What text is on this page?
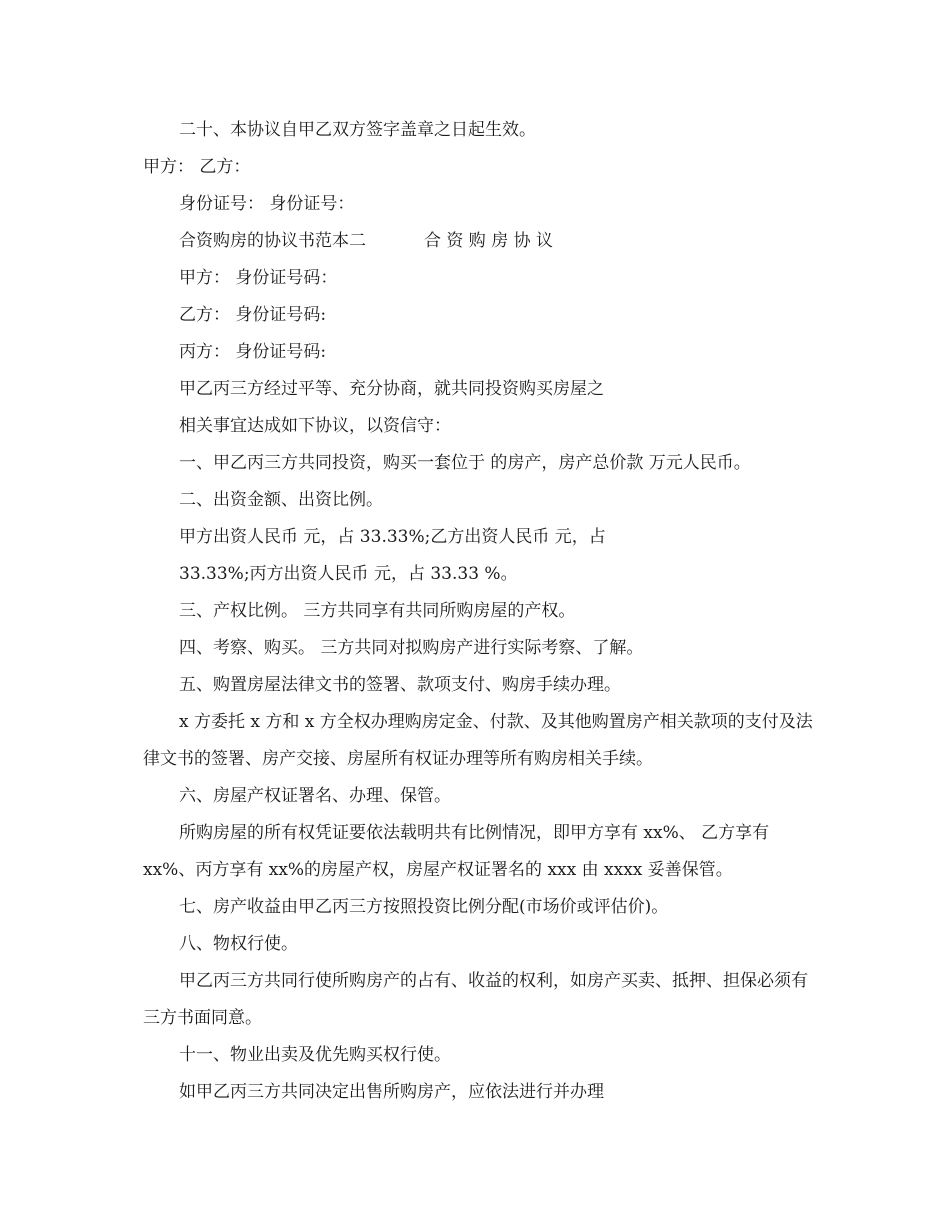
二十、本协议自甲乙双方签字盖章之日起生效。

甲方： 乙方：

身份证号： 身份证号：

合资购房的协议书范本二	合 资 购 房 协 议

甲方： 身份证号码：

乙方： 身份证号码:

丙方： 身份证号码:

甲乙丙三方经过平等、充分协商，就共同投资购买房屋之

相关事宜达成如下协议，以资信守：

一、甲乙丙三方共同投资，购买一套位于 的房产，房产总价款 万元人民币。

二、出资金额、出资比例。

甲方出资人民币 元，占 33.33%;乙方出资人民币 元，占

33.33%;丙方出资人民币 元，占 33.33 %。

三、产权比例。 三方共同享有共同所购房屋的产权。

四、考察、购买。 三方共同对拟购房产进行实际考察、了解。

五、购置房屋法律文书的签署、款项支付、购房手续办理。

x 方委托 x 方和 x 方全权办理购房定金、付款、及其他购置房产相关款项的支付及法律文书的签署、房产交接、房屋所有权证办理等所有购房相关手续。

六、房屋产权证署名、办理、保管。

所购房屋的所有权凭证要依法载明共有比例情况，即甲方享有 xx%、 乙方享有 xx%、丙方享有 xx%的房屋产权，房屋产权证署名的 xxx 由 xxxx 妥善保管。

七、房产收益由甲乙丙三方按照投资比例分配(市场价或评估价)。

八、物权行使。

甲乙丙三方共同行使所购房产的占有、收益的权利，如房产买卖、抵押、担保必须有三方书面同意。

十一、物业出卖及优先购买权行使。

如甲乙丙三方共同决定出售所购房产，应依法进行并办理
